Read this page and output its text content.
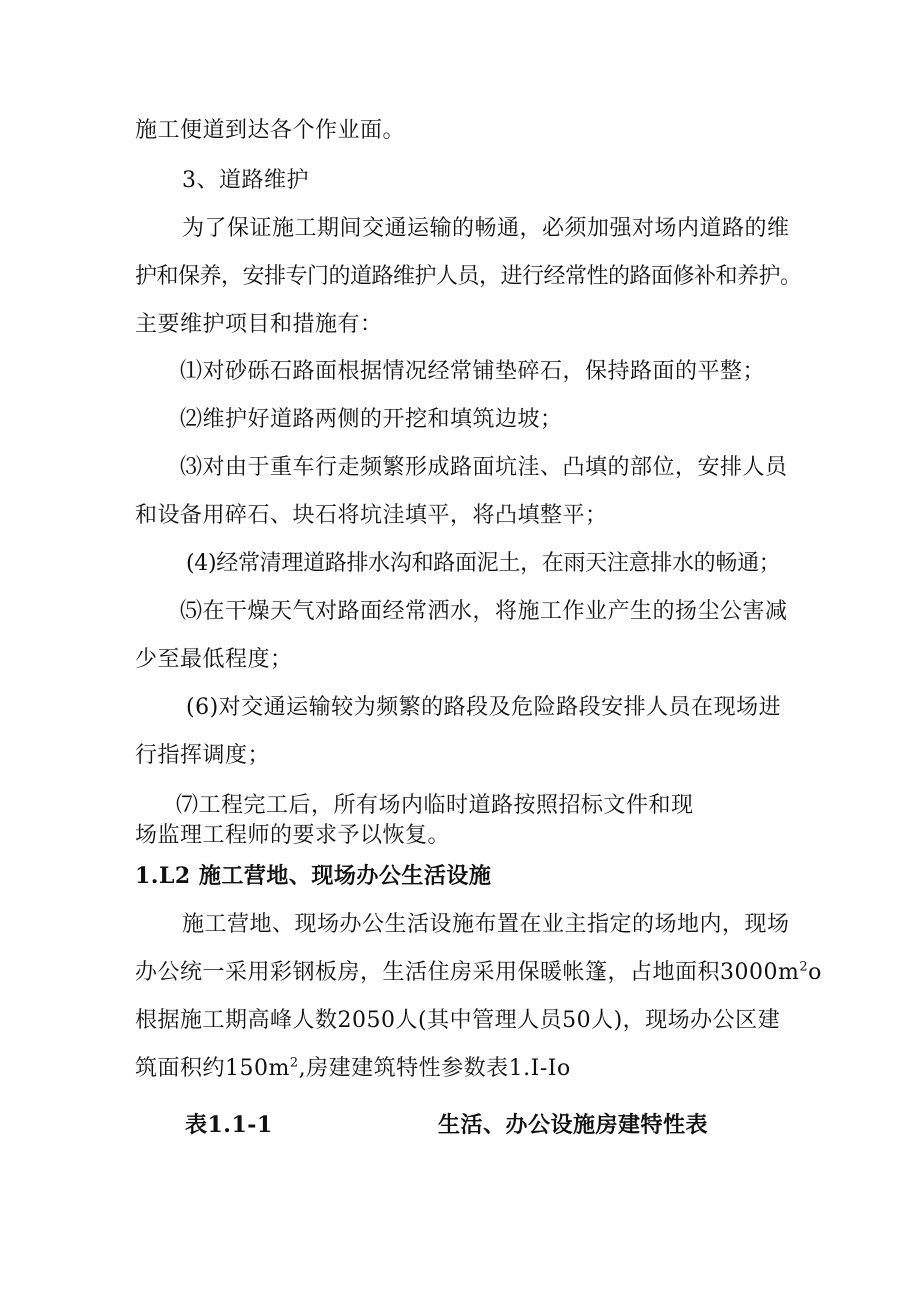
施工便道到达各个作业面。
3、道路维护
为了保证施工期间交通运输的畅通，必须加强对场内道路的维
护和保养，安排专门的道路维护人员，进行经常性的路面修补和养护。
主要维护项目和措施有：
⑴对砂砾石路面根据情况经常铺垫碎石，保持路面的平整；
⑵维护好道路两侧的开挖和填筑边坡；
⑶对由于重车行走频繁形成路面坑洼、凸填的部位，安排人员
和设备用碎石、块石将坑洼填平，将凸填整平；
(4)经常清理道路排水沟和路面泥土，在雨天注意排水的畅通；
⑸在干燥天气对路面经常洒水，将施工作业产生的扬尘公害减
少至最低程度；
(6)对交通运输较为频繁的路段及危险路段安排人员在现场进
行指挥调度；
⑺工程完工后，所有场内临时道路按照招标文件和现
场监理工程师的要求予以恢复。
1.L2 施工营地、现场办公生活设施
施工营地、现场办公生活设施布置在业主指定的场地内，现场
办公统一采用彩钢板房，生活住房采用保暖帐篷，占地面积$3000m^2o$
根据施工期高峰人数2050人(其中管理人员50人)，现场办公区建
筑面积约$150m^2$,房建建筑特性参数表1.I-Io
表1.1-1	生活、办公设施房建特性表
